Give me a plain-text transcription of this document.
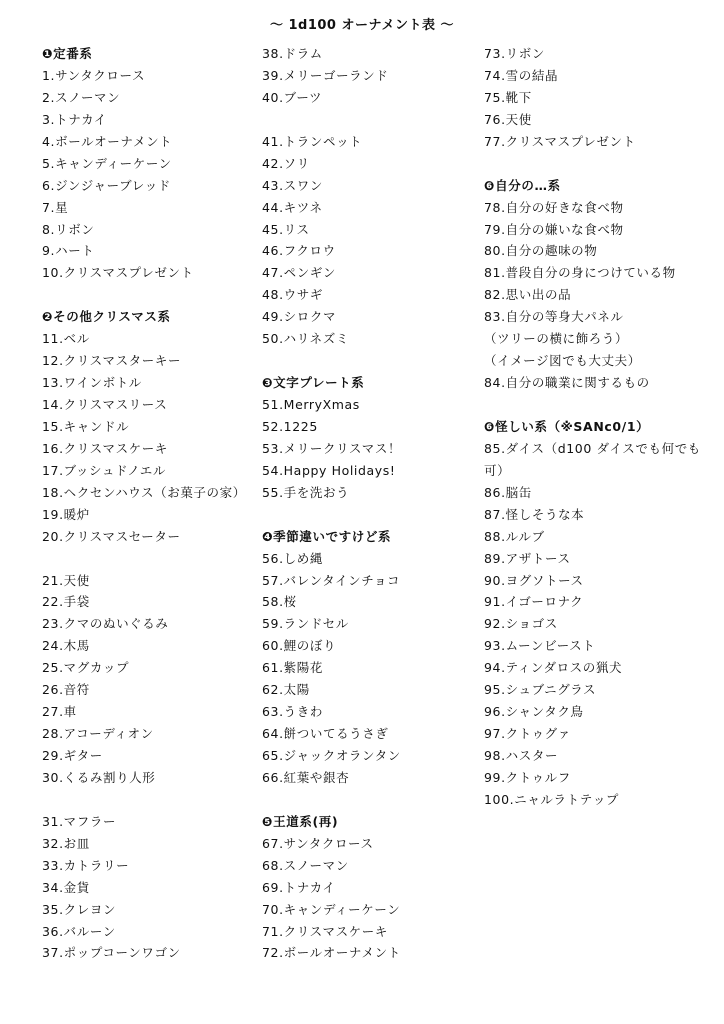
〜 1d100 オーナメント表 〜
❶定番系
1.サンタクロース
2.スノーマン
3.トナカイ
4.ボールオーナメント
5.キャンディーケーン
6.ジンジャーブレッド
7.星
8.リボン
9.ハート
10.クリスマスプレゼント
❷その他クリスマス系
11.ベル
12.クリスマスターキー
13.ワインボトル
14.クリスマスリース
15.キャンドル
16.クリスマスケーキ
17.ブッシュドノエル
18.ヘクセンハウス（お菓子の家）
19.暖炉
20.クリスマスセーター
21.天使
22.手袋
23.クマのぬいぐるみ
24.木馬
25.マグカップ
26.音符
27.車
28.アコーディオン
29.ギター
30.くるみ割り人形
31.マフラー
32.お皿
33.カトラリー
34.金貨
35.クレヨン
36.バルーン
37.ポップコーンワゴン
38.ドラム
39.メリーゴーランド
40.ブーツ
41.トランペット
42.ソリ
43.スワン
44.キツネ
45.リス
46.フクロウ
47.ペンギン
48.ウサギ
49.シロクマ
50.ハリネズミ
❸文字プレート系
51.MerryXmas
52.1225
53.メリークリスマス！
54.Happy Holidays!
55.手を洗おう
❹季節違いですけど系
56.しめ縄
57.バレンタインチョコ
58.桜
59.ランドセル
60.鯉のぼり
61.紫陽花
62.太陽
63.うきわ
64.餅ついてるうさぎ
65.ジャックオランタン
66.紅葉や銀杏
❺王道系(再)
67.サンタクロース
68.スノーマン
69.トナカイ
70.キャンディーケーン
71.クリスマスケーキ
72.ボールオーナメント
73.リボン
74.雪の結晶
75.靴下
76.天使
77.クリスマスプレゼント
❻自分の…系
78.自分の好きな食べ物
79.自分の嫌いな食べ物
80.自分の趣味の物
81.普段自分の身につけている物
82.思い出の品
83.自分の等身大パネル
（ツリーの横に飾ろう）
（イメージ図でも大丈夫）
84.自分の職業に関するもの
❻怪しい系（※SANc0/1）
85.ダイス（d100 ダイスでも何でも
可）
86.脳缶
87.怪しそうな本
88.ルルブ
89.アザトース
90.ヨグソトース
91.イゴーロナク
92.ショゴス
93.ムーンビースト
94.ティンダロスの猟犬
95.シュブニグラス
96.シャンタク鳥
97.クトゥグァ
98.ハスター
99.クトゥルフ
100.ニャルラトテップ
